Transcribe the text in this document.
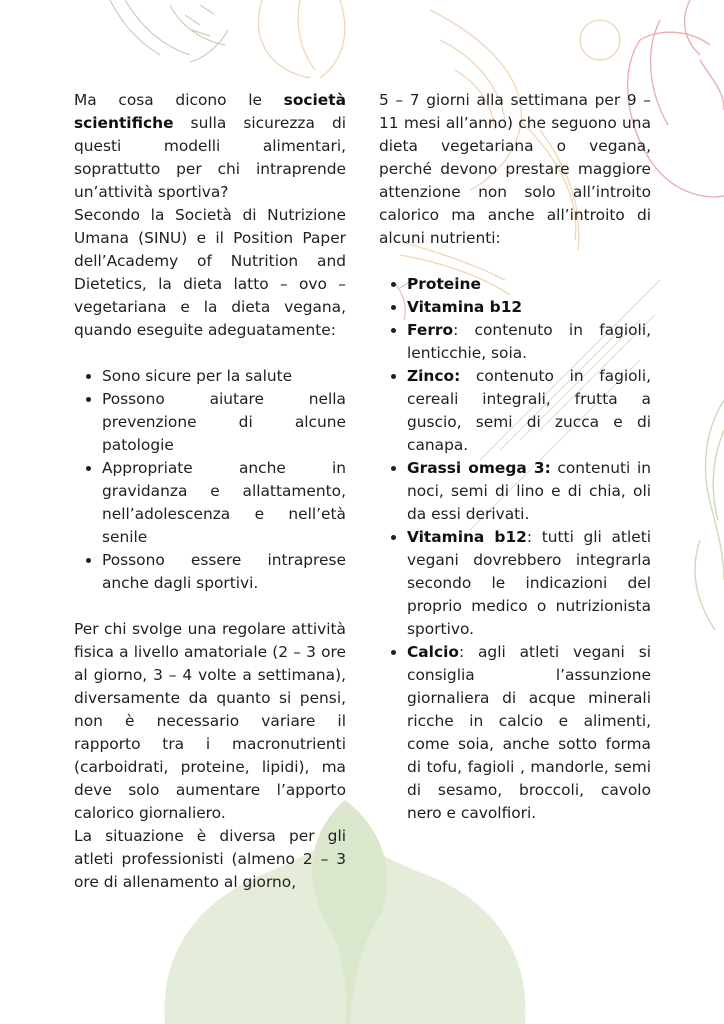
Ma cosa dicono le società scientifiche sulla sicurezza di questi modelli alimentari, soprattutto per chi intraprende un’attività sportiva?

Secondo la Società di Nutrizione Umana (SINU) e il Position Paper dell’Academy of Nutrition and Dietetics, la dieta latto – ovo – vegetariana e la dieta vegana, quando eseguite adeguatamente:

• Sono sicure per la salute
• Possono aiutare nella prevenzione di alcune patologie
• Appropriate anche in gravidanza e allattamento, nell’adolescenza e nell’età senile
• Possono essere intraprese anche dagli sportivi.

Per chi svolge una regolare attività fisica a livello amatoriale (2 – 3 ore al giorno, 3 – 4 volte a settimana), diversamente da quanto si pensi, non è necessario variare il rapporto tra i macronutrienti (carboidrati, proteine, lipidi), ma deve solo aumentare l’apporto calorico giornaliero.

La situazione è diversa per gli atleti professionisti (almeno 2 – 3 ore di allenamento al giorno,

5 – 7 giorni alla settimana per 9 – 11 mesi all’anno) che seguono una dieta vegetariana o vegana, perché devono prestare maggiore attenzione non solo all’introito calorico ma anche all’introito di alcuni nutrienti:

• Proteine
• Vitamina b12
• Ferro: contenuto in fagioli, lenticchie, soia.
• Zinco: contenuto in fagioli, cereali integrali, frutta a guscio, semi di zucca e di canapa.
• Grassi omega 3: contenuti in noci, semi di lino e di chia, oli da essi derivati.
• Vitamina b12: tutti gli atleti vegani dovrebbero integrarla secondo le indicazioni del proprio medico o nutrizionista sportivo.
• Calcio: agli atleti vegani si consiglia l’assunzione giornaliera di acque minerali ricche in calcio e alimenti, come soia, anche sotto forma di tofu, fagioli , mandorle, semi di sesamo, broccoli, cavolo nero e cavolfiori.
